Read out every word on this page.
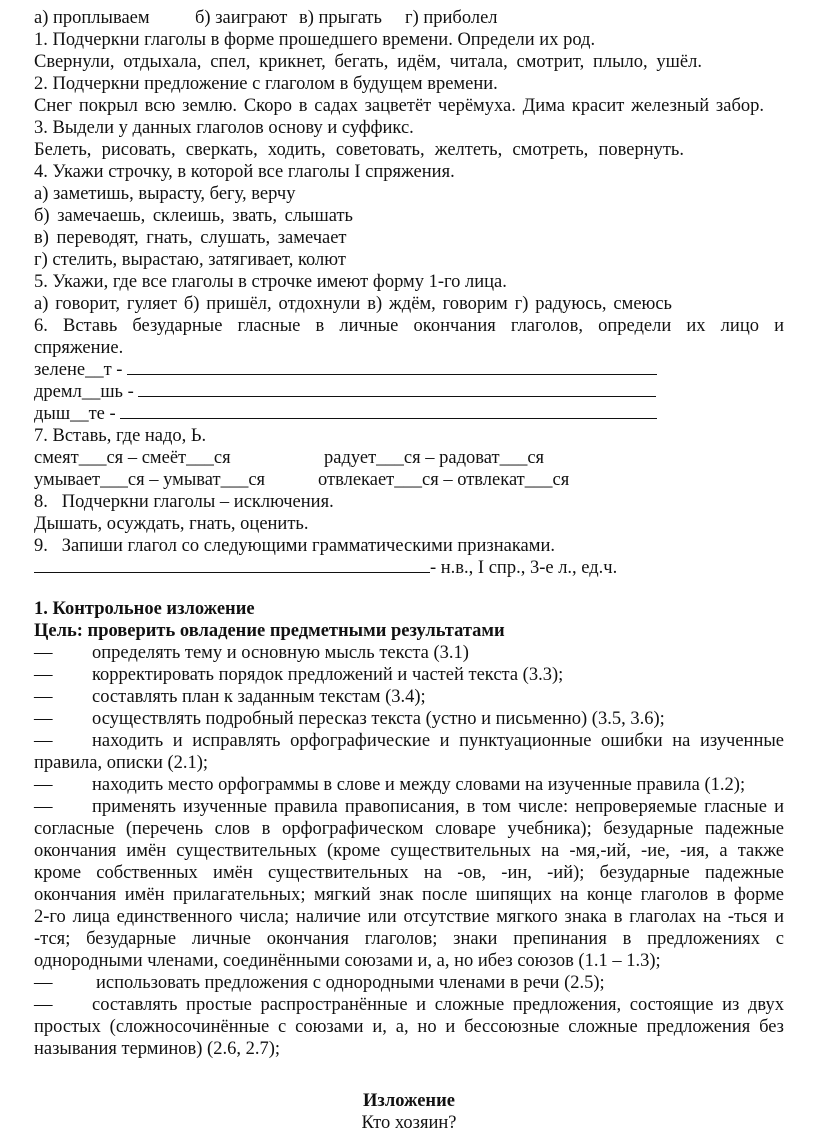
а) проплываем б) заиграют в) прыгать г) приболел
1. Подчеркни глаголы в форме прошедшего времени. Определи их род.
Свернули, отдыхала, спел, крикнет, бегать, идём, читала, смотрит, плыло, ушёл.
2. Подчеркни предложение с глаголом в будущем времени.
Снег покрыл всю землю. Скоро в садах зацветёт черёмуха. Дима красит железный забор.
3. Выдели у данных глаголов основу и суффикс.
Белеть, рисовать, сверкать, ходить, советовать, желтеть, смотреть, повернуть.
4. Укажи строчку, в которой все глаголы I спряжения.
а) заметишь, вырасту, бегу, верчу
б) замечаешь, склеишь, звать, слышать
в) переводят, гнать, слушать, замечает
г) стелить, вырастаю, затягивает, колют
5. Укажи, где все глаголы в строчке имеют форму 1-го лица.
а) говорит, гуляет б) пришёл, отдохнули в) ждём, говорим г) радуюсь, смеюсь
6. Вставь безударные гласные в личные окончания глаголов, определи их лицо и
спряжение.
зелене__т -
дремл__шь -
дыш__те -
7. Вставь, где надо, Ь.
смеят___ся – смеёт___ся	радует___ся – радоват___ся
умывает___ся – умыват___ся	отвлекает___ся – отвлекат___ся
8.   Подчеркни глаголы – исключения.
Дышать, осуждать, гнать, оценить.
9.   Запиши глагол со следующими грамматическими признаками.
- н.в., I спр., 3-е л., ед.ч.
1. Контрольное изложение
Цель: проверить овладение предметными результатами
— определять тему и основную мысль текста (3.1)
— корректировать порядок предложений и частей текста (3.3);
— составлять план к заданным текстам (3.4);
— осуществлять подробный пересказ текста (устно и письменно) (3.5, 3.6);
—	находить и исправлять орфографические и пунктуационные ошибки на изученные
правила, описки (2.1);
— находить место орфограммы в слове и между словами на изученные правила (1.2);
—	применять изученные правила правописания, в том числе: непроверяемые гласные и
согласные (перечень слов в орфографическом словаре учебника); безударные падежные
окончания имён существительных (кроме существительных на -мя,-ий, -ие, -ия, а также
кроме собственных имён существительных на -ов, -ин, -ий); безударные падежные
окончания имён прилагательных; мягкий знак после шипящих на конце глаголов в форме
2-го лица единственного числа; наличие или отсутствие мягкого знака в глаголах на -ться и
-тся; безударные личные окончания глаголов; знаки препинания в предложениях с
однородными членами, соединёнными союзами и, а, но ибез союзов (1.1 – 1.3);
— использовать предложения с однородными членами в речи (2.5);
—	составлять простые распространённые и сложные предложения, состоящие из двух
простых (сложносочинённые с союзами и, а, но и бессоюзные сложные предложения без
называния терминов) (2.6, 2.7);
Изложение
Кто хозяин?
